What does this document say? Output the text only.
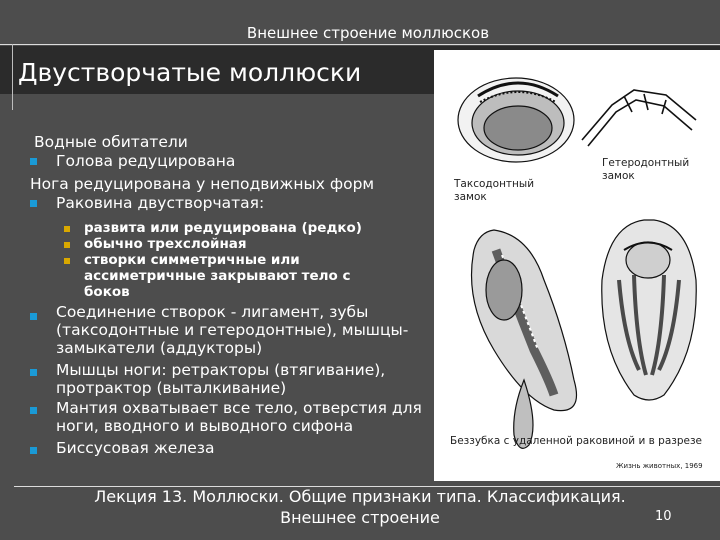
Внешнее строение моллюсков
Двустворчатые моллюски
Водные обитатели
Голова редуцирована
Нога редуцирована у неподвижных форм
Раковина двустворчатая:
развита или редуцирована (редко)
обычно трехслойная
створки симметричные или
ассиметричные закрывают тело с
боков
Соединение створок - лигамент, зубы
(таксодонтные и гетеродонтные), мышцы-
замыкатели (аддукторы)
Мышцы ноги: ретракторы (втягивание),
протрактор (выталкивание)
Мантия охватывает все тело, отверстия для
ноги, вводного и выводного сифона
Биссусовая железа
Таксодонтный
замок
Гетеродонтный
замок
Беззубка с удаленной раковиной и в разрезе
Жизнь животных, 1969
Лекция 13. Моллюски. Общие признаки типа. Классификация.
Внешнее строение	10
